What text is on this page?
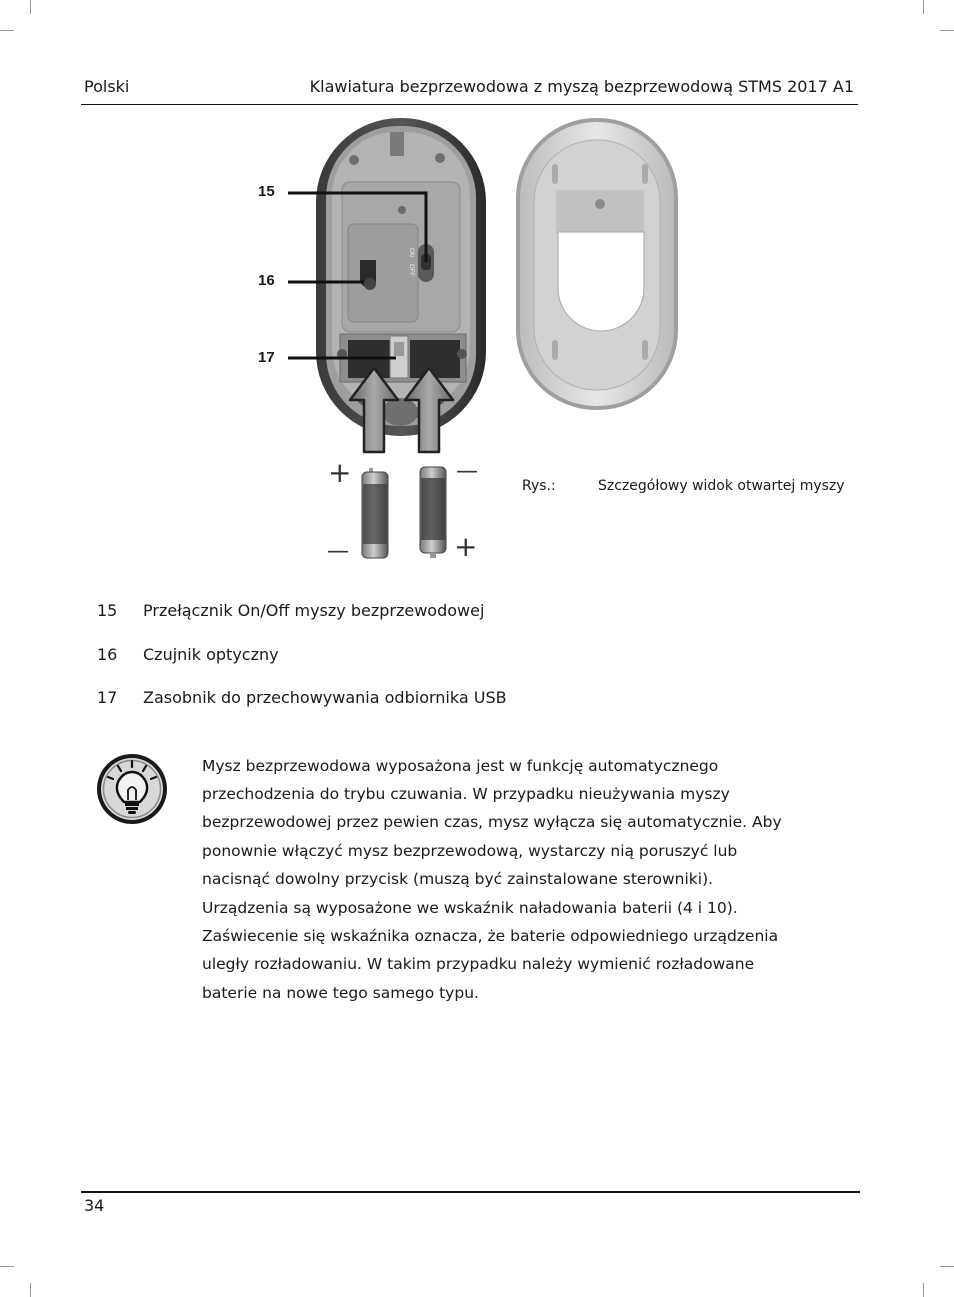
Polski	Klawiatura bezprzewodowa z myszą bezprzewodową STMS 2017 A1
ON
OFF
+
—
—
+
15
16
17
Rys.:	Szczegółowy widok otwartej myszy
15 Przełącznik On/Off myszy bezprzewodowej
16 Czujnik optyczny
17 Zasobnik do przechowywania odbiornika USB

Mysz bezprzewodowa wyposażona jest w funkcję automatycznego przechodzenia do trybu czuwania. W przypadku nieużywania myszy bezprzewodowej przez pewien czas, mysz wyłącza się automatycznie. Aby ponownie włączyć mysz bezprzewodową, wystarczy nią poruszyć lub nacisnąć dowolny przycisk (muszą być zainstalowane sterowniki).

Urządzenia są wyposażone we wskaźnik naładowania baterii (4 i 10). Zaświecenie się wskaźnika oznacza, że baterie odpowiedniego urządzenia uległy rozładowaniu. W takim przypadku należy wymienić rozładowane baterie na nowe tego samego typu.

34
